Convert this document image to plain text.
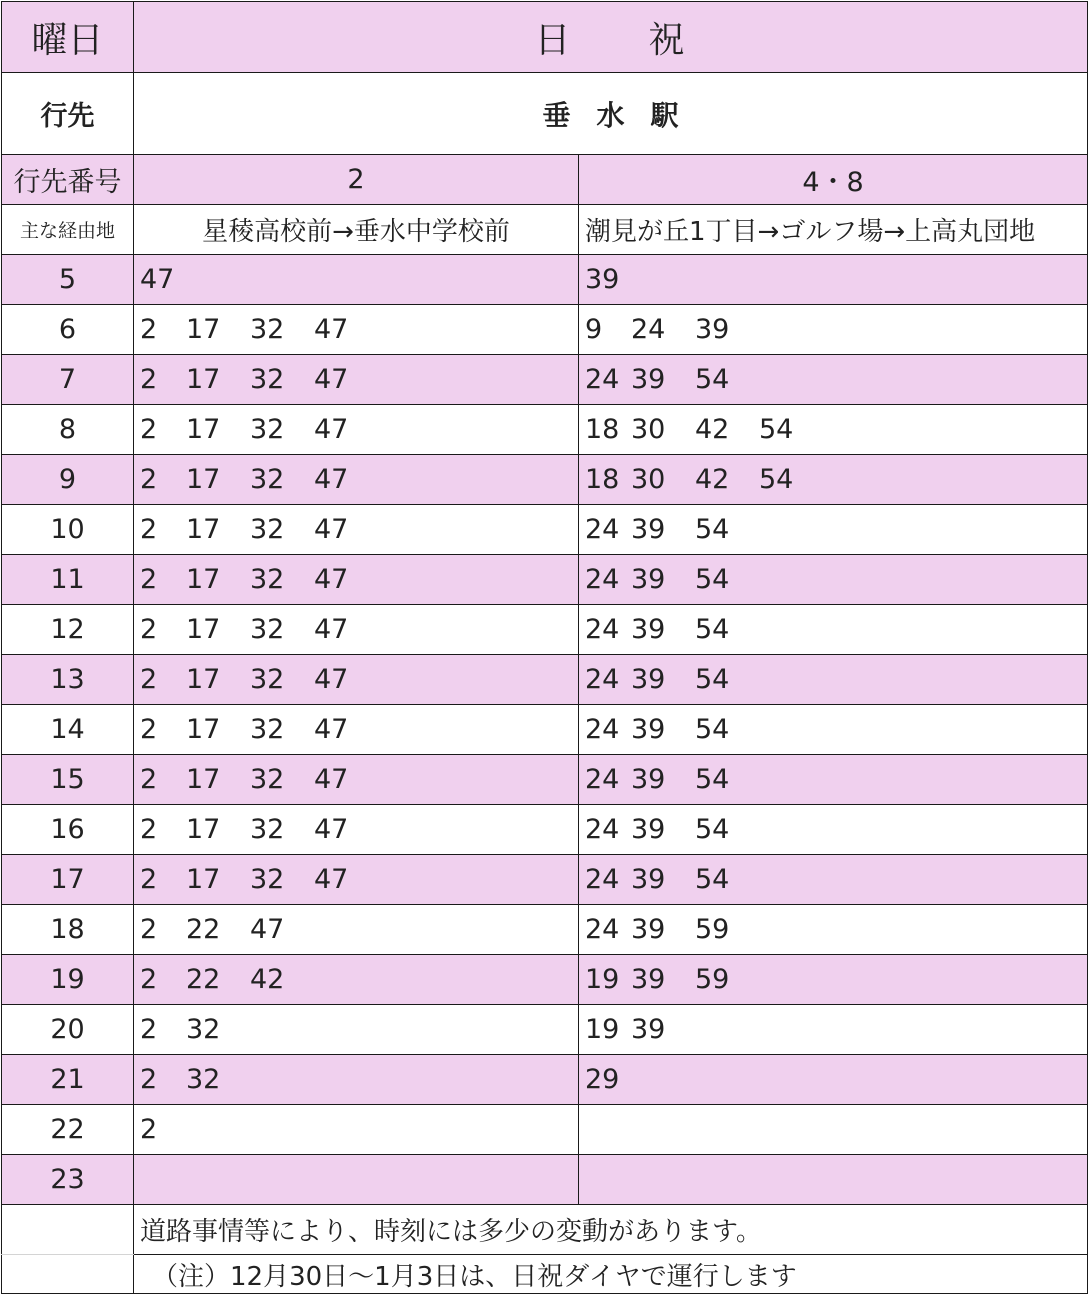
曜日	日　　祝	
行先	垂水駅	
行先番号	2	4・8
主な経由地	星稜高校前→垂水中学校前	潮見が丘1丁目→ゴルフ場→上高丸団地
5	47	39
6	2 17 32 47	9 24 39
7	2 17 32 47	24 39 54
8	2 17 32 47	18 30 42 54
9	2 17 32 47	18 30 42 54
10	2 17 32 47	24 39 54
11	2 17 32 47	24 39 54
12	2 17 32 47	24 39 54
13	2 17 32 47	24 39 54
14	2 17 32 47	24 39 54
15	2 17 32 47	24 39 54
16	2 17 32 47	24 39 54
17	2 17 32 47	24 39 54
18	2 22 47	24 39 59
19	2 22 42	19 39 59
20	2 32	19 39
21	2 32	29
22	2	
23		
	道路事情等により、時刻には多少の変動があります。	
	（注）12月30日～1月3日は、日祝ダイヤで運行します	
